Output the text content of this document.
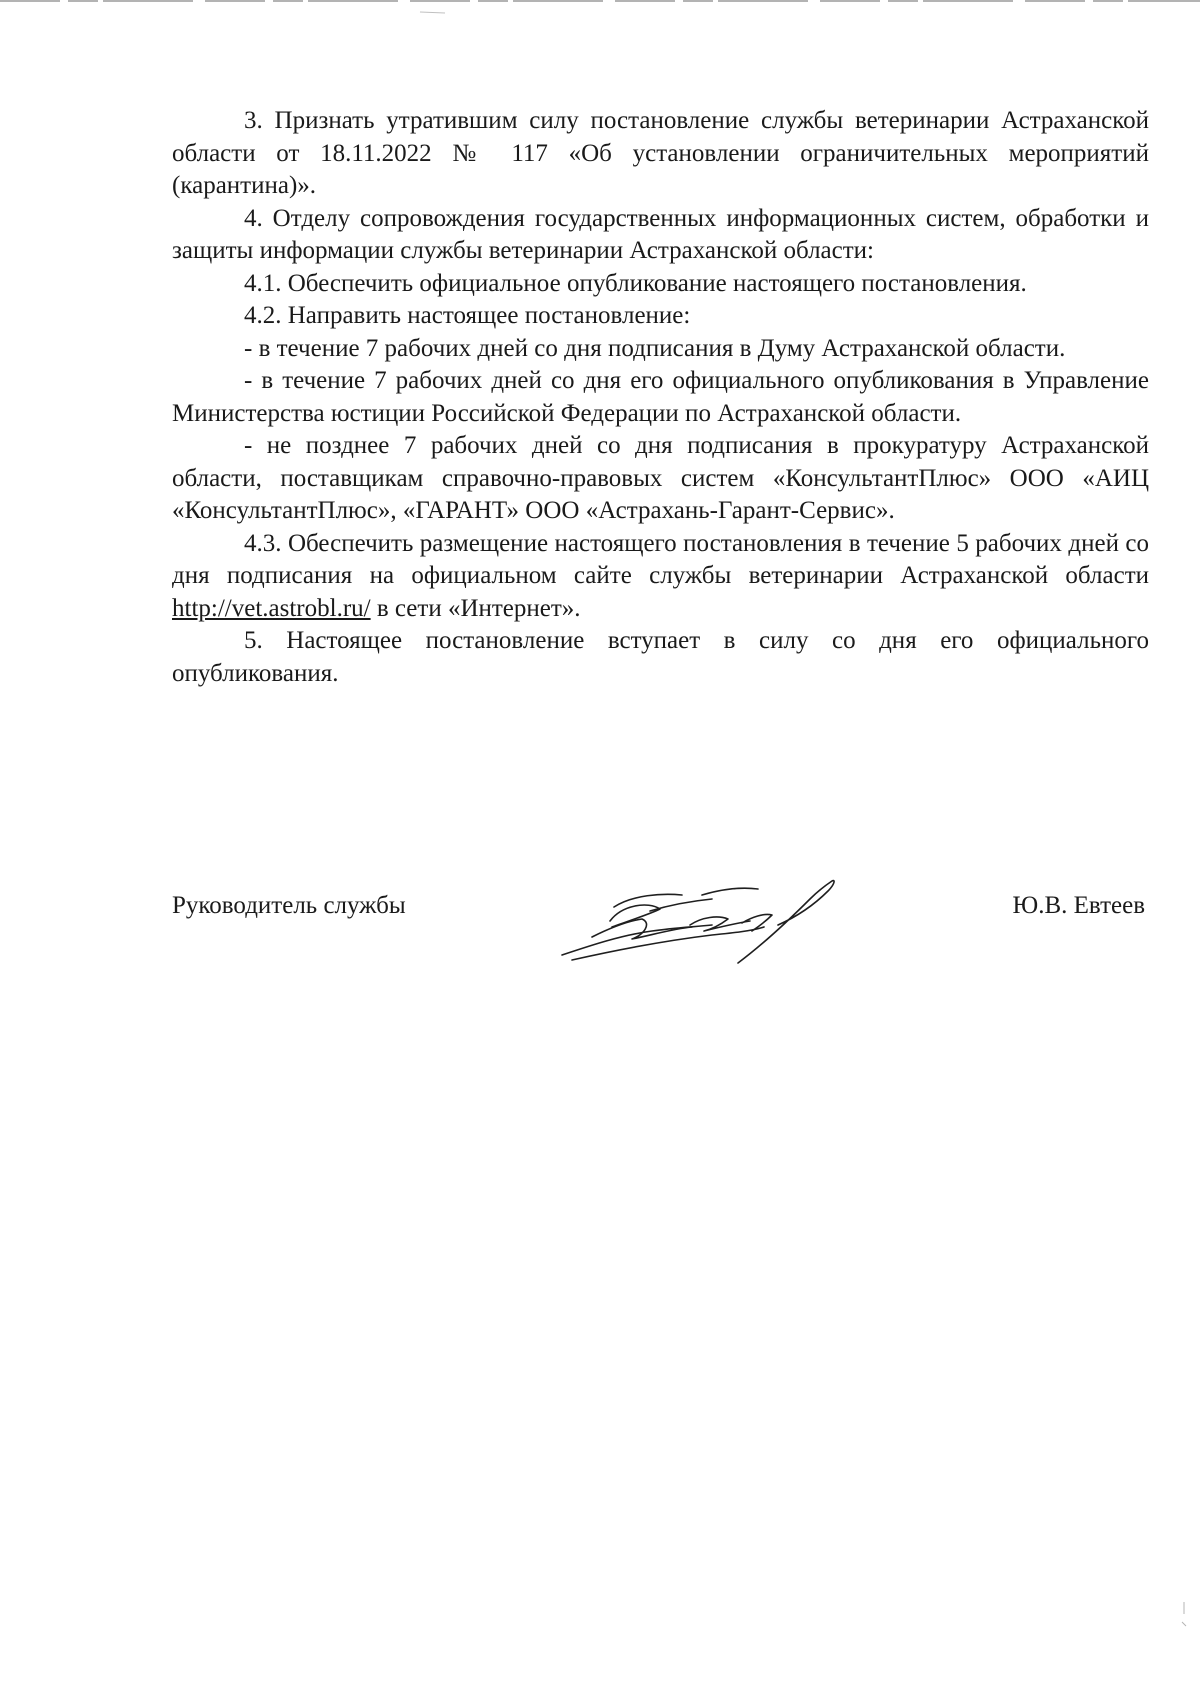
3. Признать утратившим силу постановление службы ветеринарии Астраханской области от 18.11.2022 № 117 «Об установлении ограничительных мероприятий (карантина)».

4. Отделу сопровождения государственных информационных систем, обработки и защиты информации службы ветеринарии Астраханской области:

4.1. Обеспечить официальное опубликование настоящего постановления.

4.2. Направить настоящее постановление:

- в течение 7 рабочих дней со дня подписания в Думу Астраханской области.

- в течение 7 рабочих дней со дня его официального опубликования в Управление Министерства юстиции Российской Федерации по Астраханской области.

- не позднее 7 рабочих дней со дня подписания в прокуратуру Астраханской области, поставщикам справочно-правовых систем «КонсультантПлюс» ООО «АИЦ «КонсультантПлюс», «ГАРАНТ» ООО «Астрахань-Гарант-Сервис».

4.3. Обеспечить размещение настоящего постановления в течение 5 рабочих дней со дня подписания на официальном сайте службы ветеринарии Астраханской области http://vet.astrobl.ru/ в сети «Интернет».

5. Настоящее постановление вступает в силу со дня его официального опубликования.

Руководитель службы	Ю.В. Евтеев
